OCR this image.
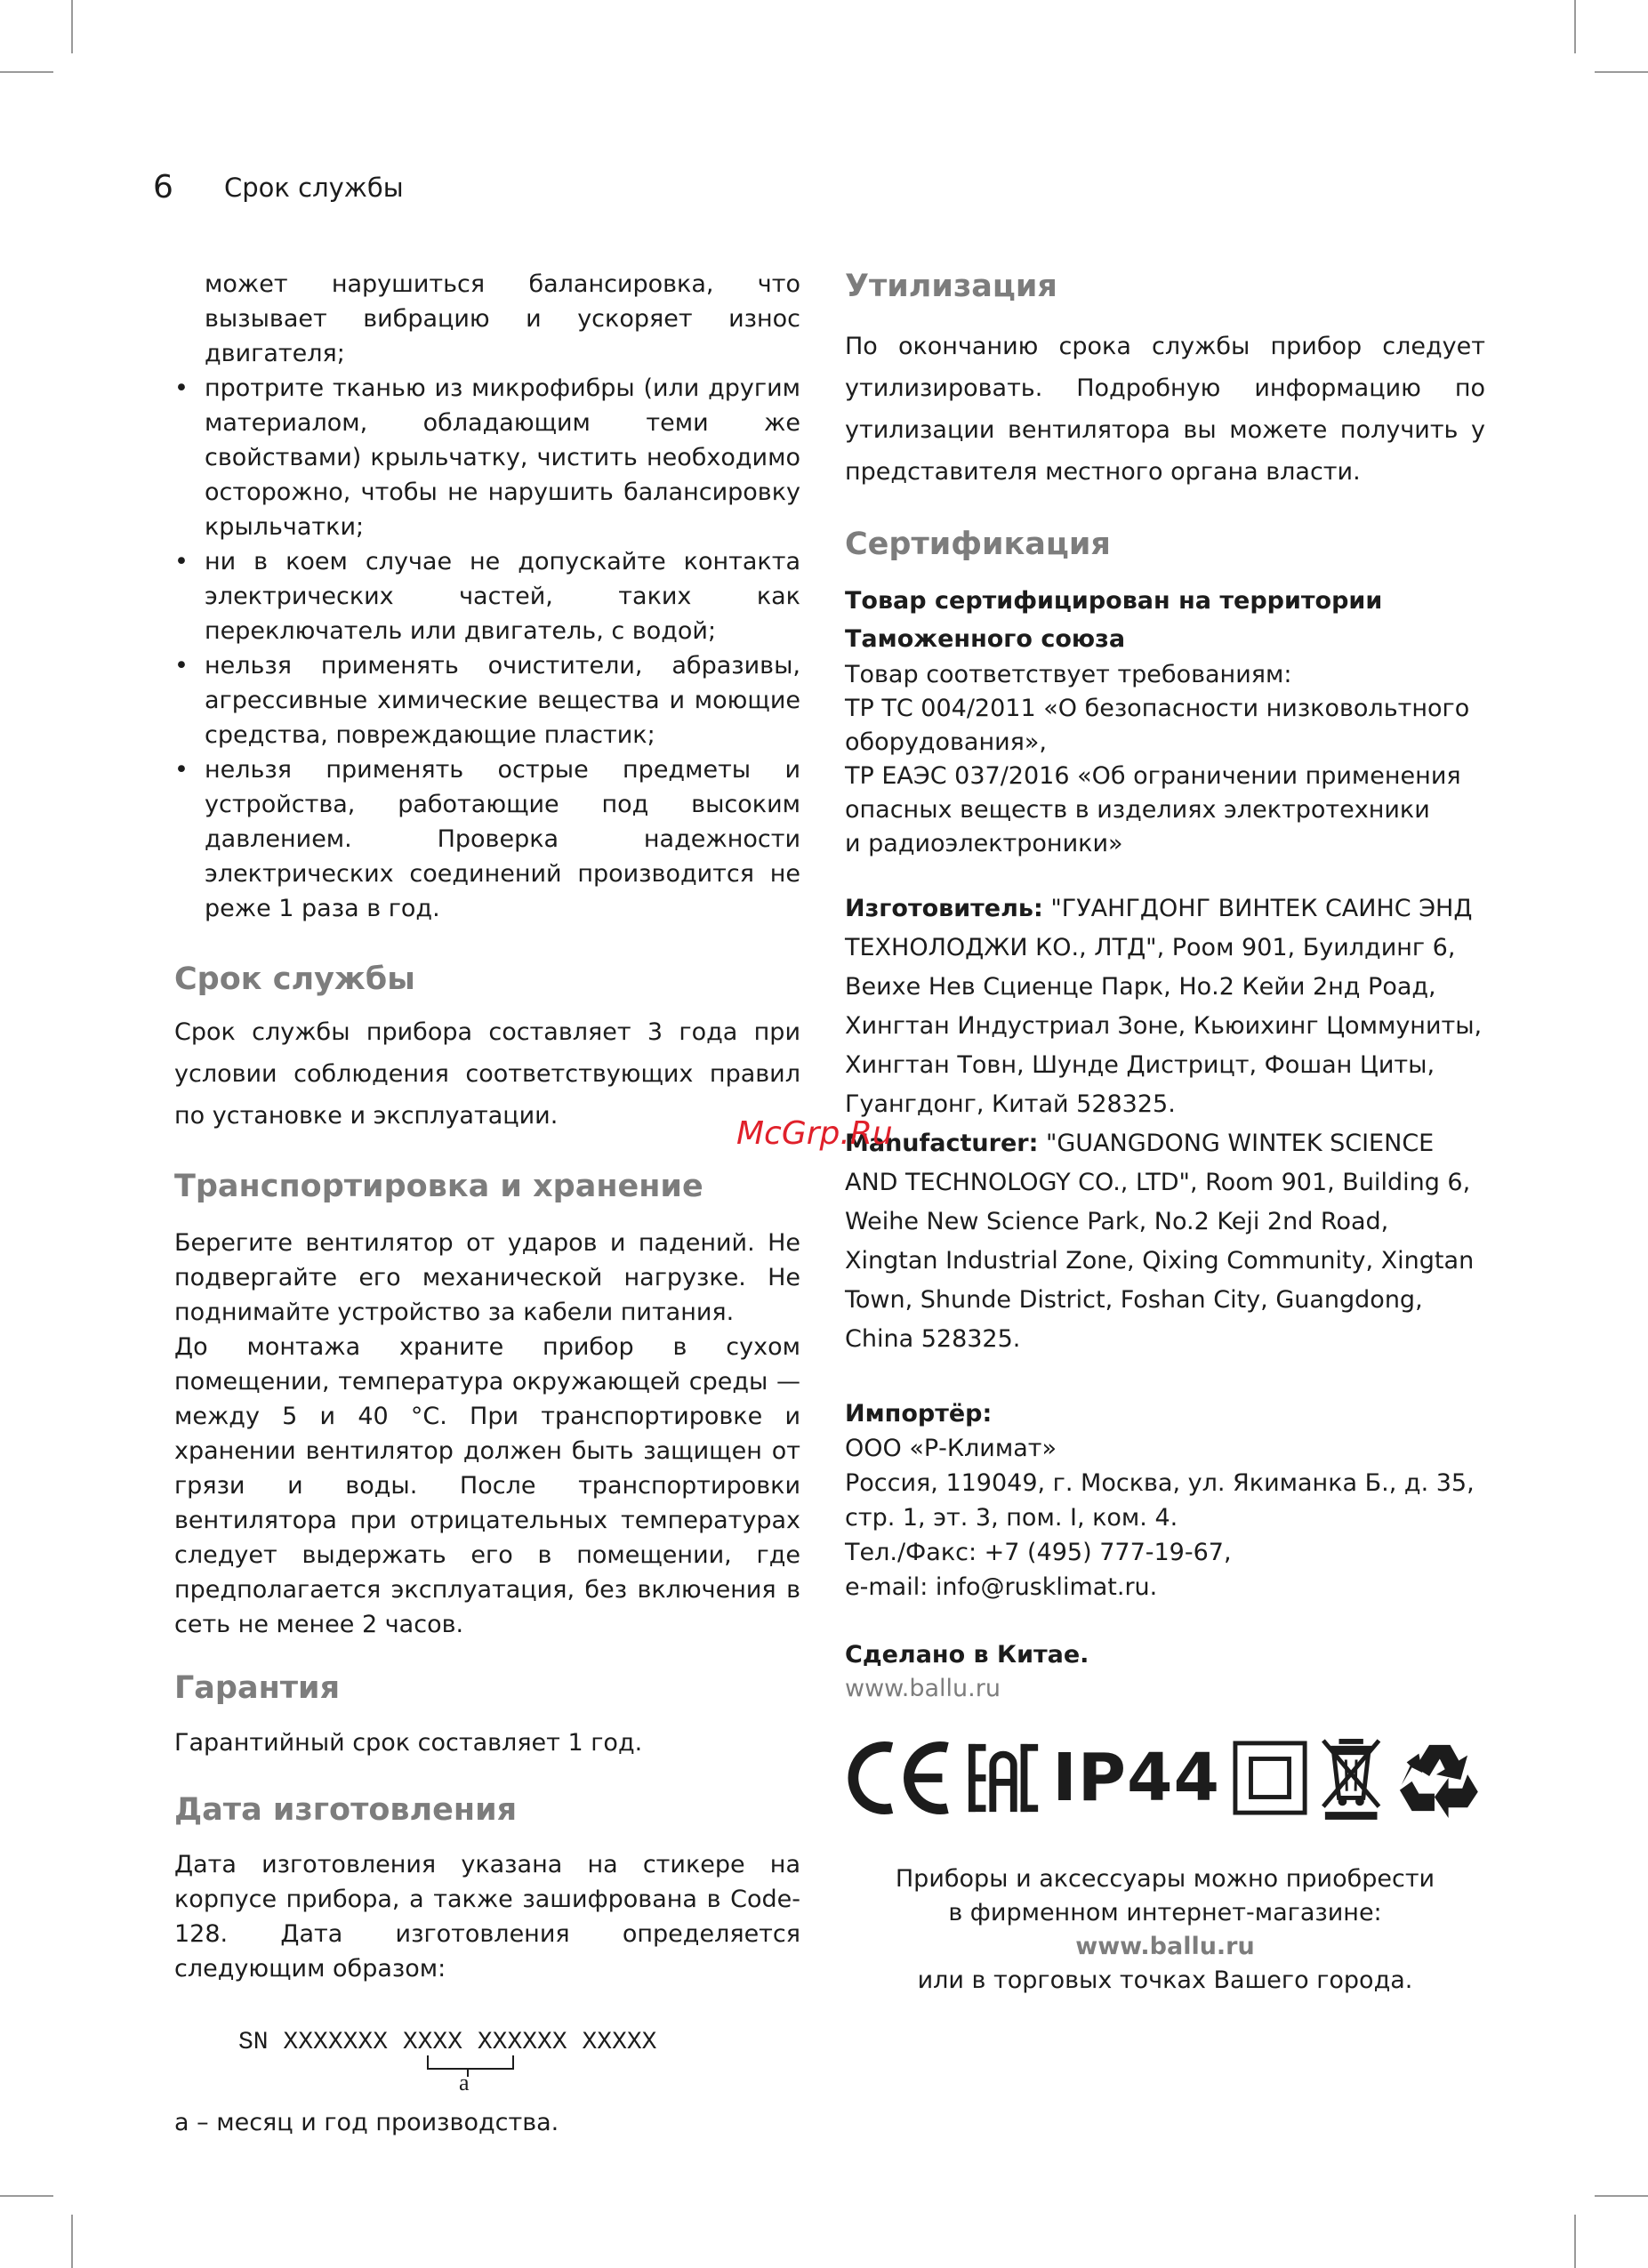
6 Срок службы

может нарушиться балансировка, что вызывает вибрацию и ускоряет износ двигателя;

• протрите тканью из микрофибры (или другим материалом, обладающим теми же свойствами) крыльчатку, чистить необходимо осторожно, чтобы не нарушить балансировку крыльчатки;
• ни в коем случае не допускайте контакта электрических частей, таких как переключатель или двигатель, с водой;
• нельзя применять очистители, абразивы, агрессивные химические вещества и моющие средства, повреждающие пластик;
• нельзя применять острые предметы и устройства, работающие под высоким давлением. Проверка надежности электрических соединений производится не реже 1 раза в год.
Срок службы

Срок службы прибора составляет 3 года при условии соблюдения соответствующих правил по установке и эксплуатации.

Транспортировка и хранение

Берегите вентилятор от ударов и падений. Не подвергайте его механической нагрузке. Не поднимайте устройство за кабели питания.

До монтажа храните прибор в сухом помещении, температура окружающей среды — между 5 и 40 °С. При транспортировке и хранении вентилятор должен быть защищен от грязи и воды. После транспортировки вентилятора при отрицательных температурах следует выдержать его в помещении, где предполагается эксплуатация, без включения в сеть не менее 2 часов.

Гарантия

Гарантийный срок составляет 1 год.

Дата изготовления

Дата изготовления указана на стикере на корпусе прибора, а также зашифрована в Code-128. Дата изготовления определяется следующим образом:

SN XXXXXXX XXXX XXXXXX XXXXX
a

а – месяц и год производства.

Утилизация

По окончанию срока службы прибор следует утилизировать. Подробную информацию по утилизации вентилятора вы можете получить у представителя местного органа власти.

Сертификация
Товар сертифицирован на территории
Таможенного союза
Товар соответствует требованиям:
ТР ТС 004/2011 «О безопасности низковольтного
оборудования»,
ТР ЕАЭС 037/2016 «Об ограничении применения
опасных веществ в изделиях электротехники
и радиоэлектроники»

Изготовитель: "ГУАНГДОНГ ВИНТЕК САИНС ЭНД ТЕХНОЛОДЖИ КО., ЛТД", Роом 901, Буилдинг 6, Веихе Нев Сциенце Парк, Но.2 Кейи 2нд Роад, Хингтан Индустриал Зоне, Кьюихинг Цоммуниты, Хингтан Товн, Шунде Дистрицт, Фошан Циты, Гуангдонг, Китай 528325.

Manufacturer: "GUANGDONG WINTEK SCIENCE AND TECHNOLOGY CO., LTD", Room 901, Building 6, Weihe New Science Park, No.2 Keji 2nd Road, Xingtan Industrial Zone, Qixing Community, Xingtan Town, Shunde District, Foshan City, Guangdong, China 528325.

Импортёр:
ООО «Р-Климат»
Россия, 119049, г. Москва, ул. Якиманка Б., д. 35,
стр. 1, эт. 3, пом. I, ком. 4.
Тел./Факс: +7 (495) 777-19-67,
e-mail: info@rusklimat.ru.
Сделано в Китае.
www.ballu.ru
CE	EAC IP44
Приборы и аксессуары можно приобрести
в фирменном интернет-магазине:
www.ballu.ru
или в торговых точках Вашего города.
McGrp.Ru
